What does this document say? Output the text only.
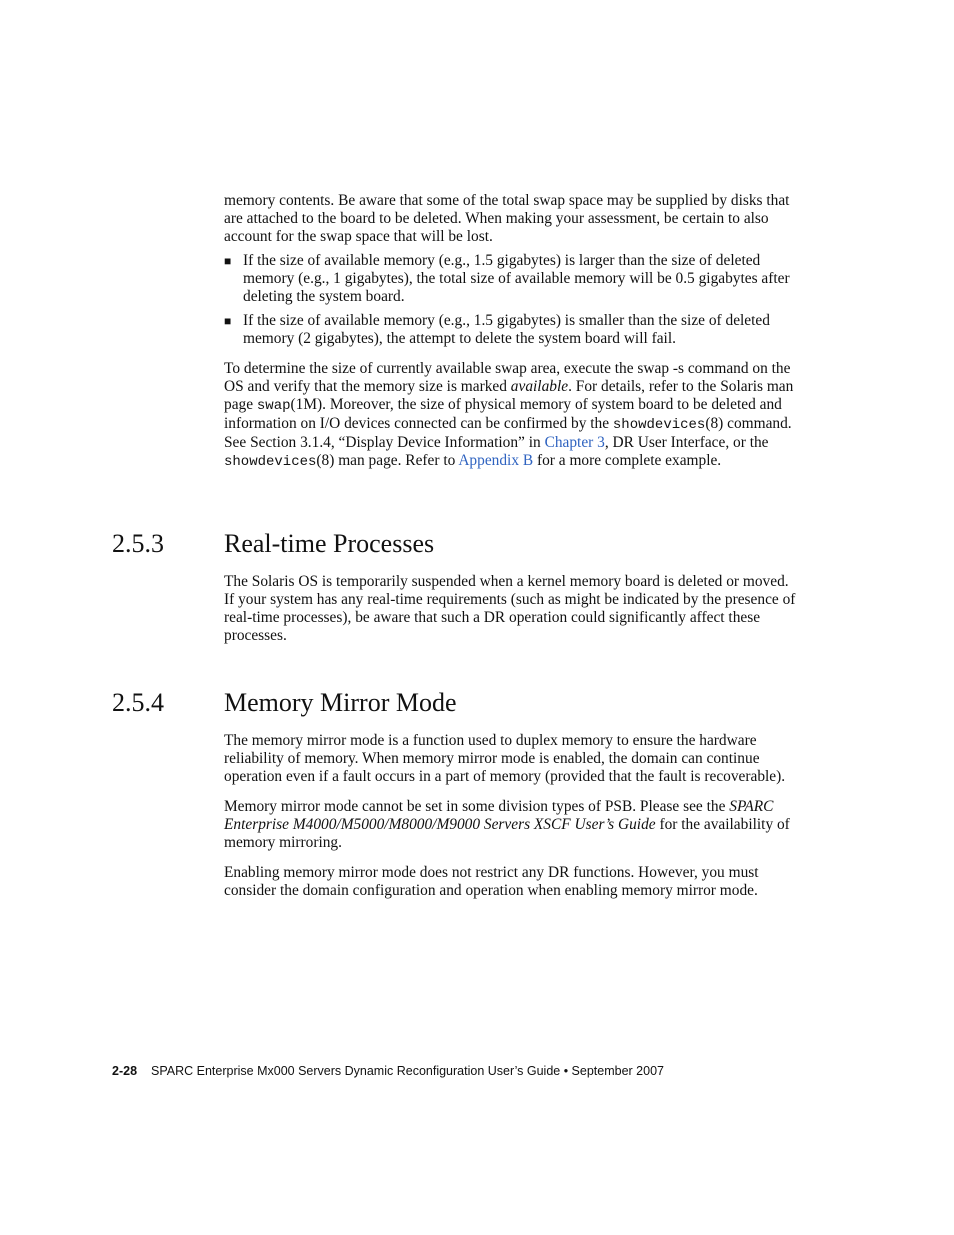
memory contents. Be aware that some of the total swap space may be supplied by disks that are attached to the board to be deleted. When making your assessment, be certain to also account for the swap space that will be lost.

■ If the size of available memory (e.g., 1.5 gigabytes) is larger than the size of deleted memory (e.g., 1 gigabytes), the total size of available memory will be 0.5 gigabytes after deleting the system board.
■ If the size of available memory (e.g., 1.5 gigabytes) is smaller than the size of deleted memory (2 gigabytes), the attempt to delete the system board will fail.

To determine the size of currently available swap area, execute the swap -s command on the OS and verify that the memory size is marked available. For details, refer to the Solaris man page swap(1M). Moreover, the size of physical memory of system board to be deleted and information on I/O devices connected can be confirmed by the showdevices(8) command. See Section 3.1.4, “Display Device Information” in Chapter 3, DR User Interface, or the showdevices(8) man page. Refer to Appendix B for a more complete example.

2.5.3 Real-time Processes

The Solaris OS is temporarily suspended when a kernel memory board is deleted or moved. If your system has any real-time requirements (such as might be indicated by the presence of real-time processes), be aware that such a DR operation could significantly affect these processes.

2.5.4 Memory Mirror Mode

The memory mirror mode is a function used to duplex memory to ensure the hardware reliability of memory. When memory mirror mode is enabled, the domain can continue operation even if a fault occurs in a part of memory (provided that the fault is recoverable).

Memory mirror mode cannot be set in some division types of PSB. Please see the SPARC Enterprise M4000/M5000/M8000/M9000 Servers XSCF User’s Guide for the availability of memory mirroring.

Enabling memory mirror mode does not restrict any DR functions. However, you must consider the domain configuration and operation when enabling memory mirror mode.

2-28 SPARC Enterprise Mx000 Servers Dynamic Reconfiguration User’s Guide • September 2007
